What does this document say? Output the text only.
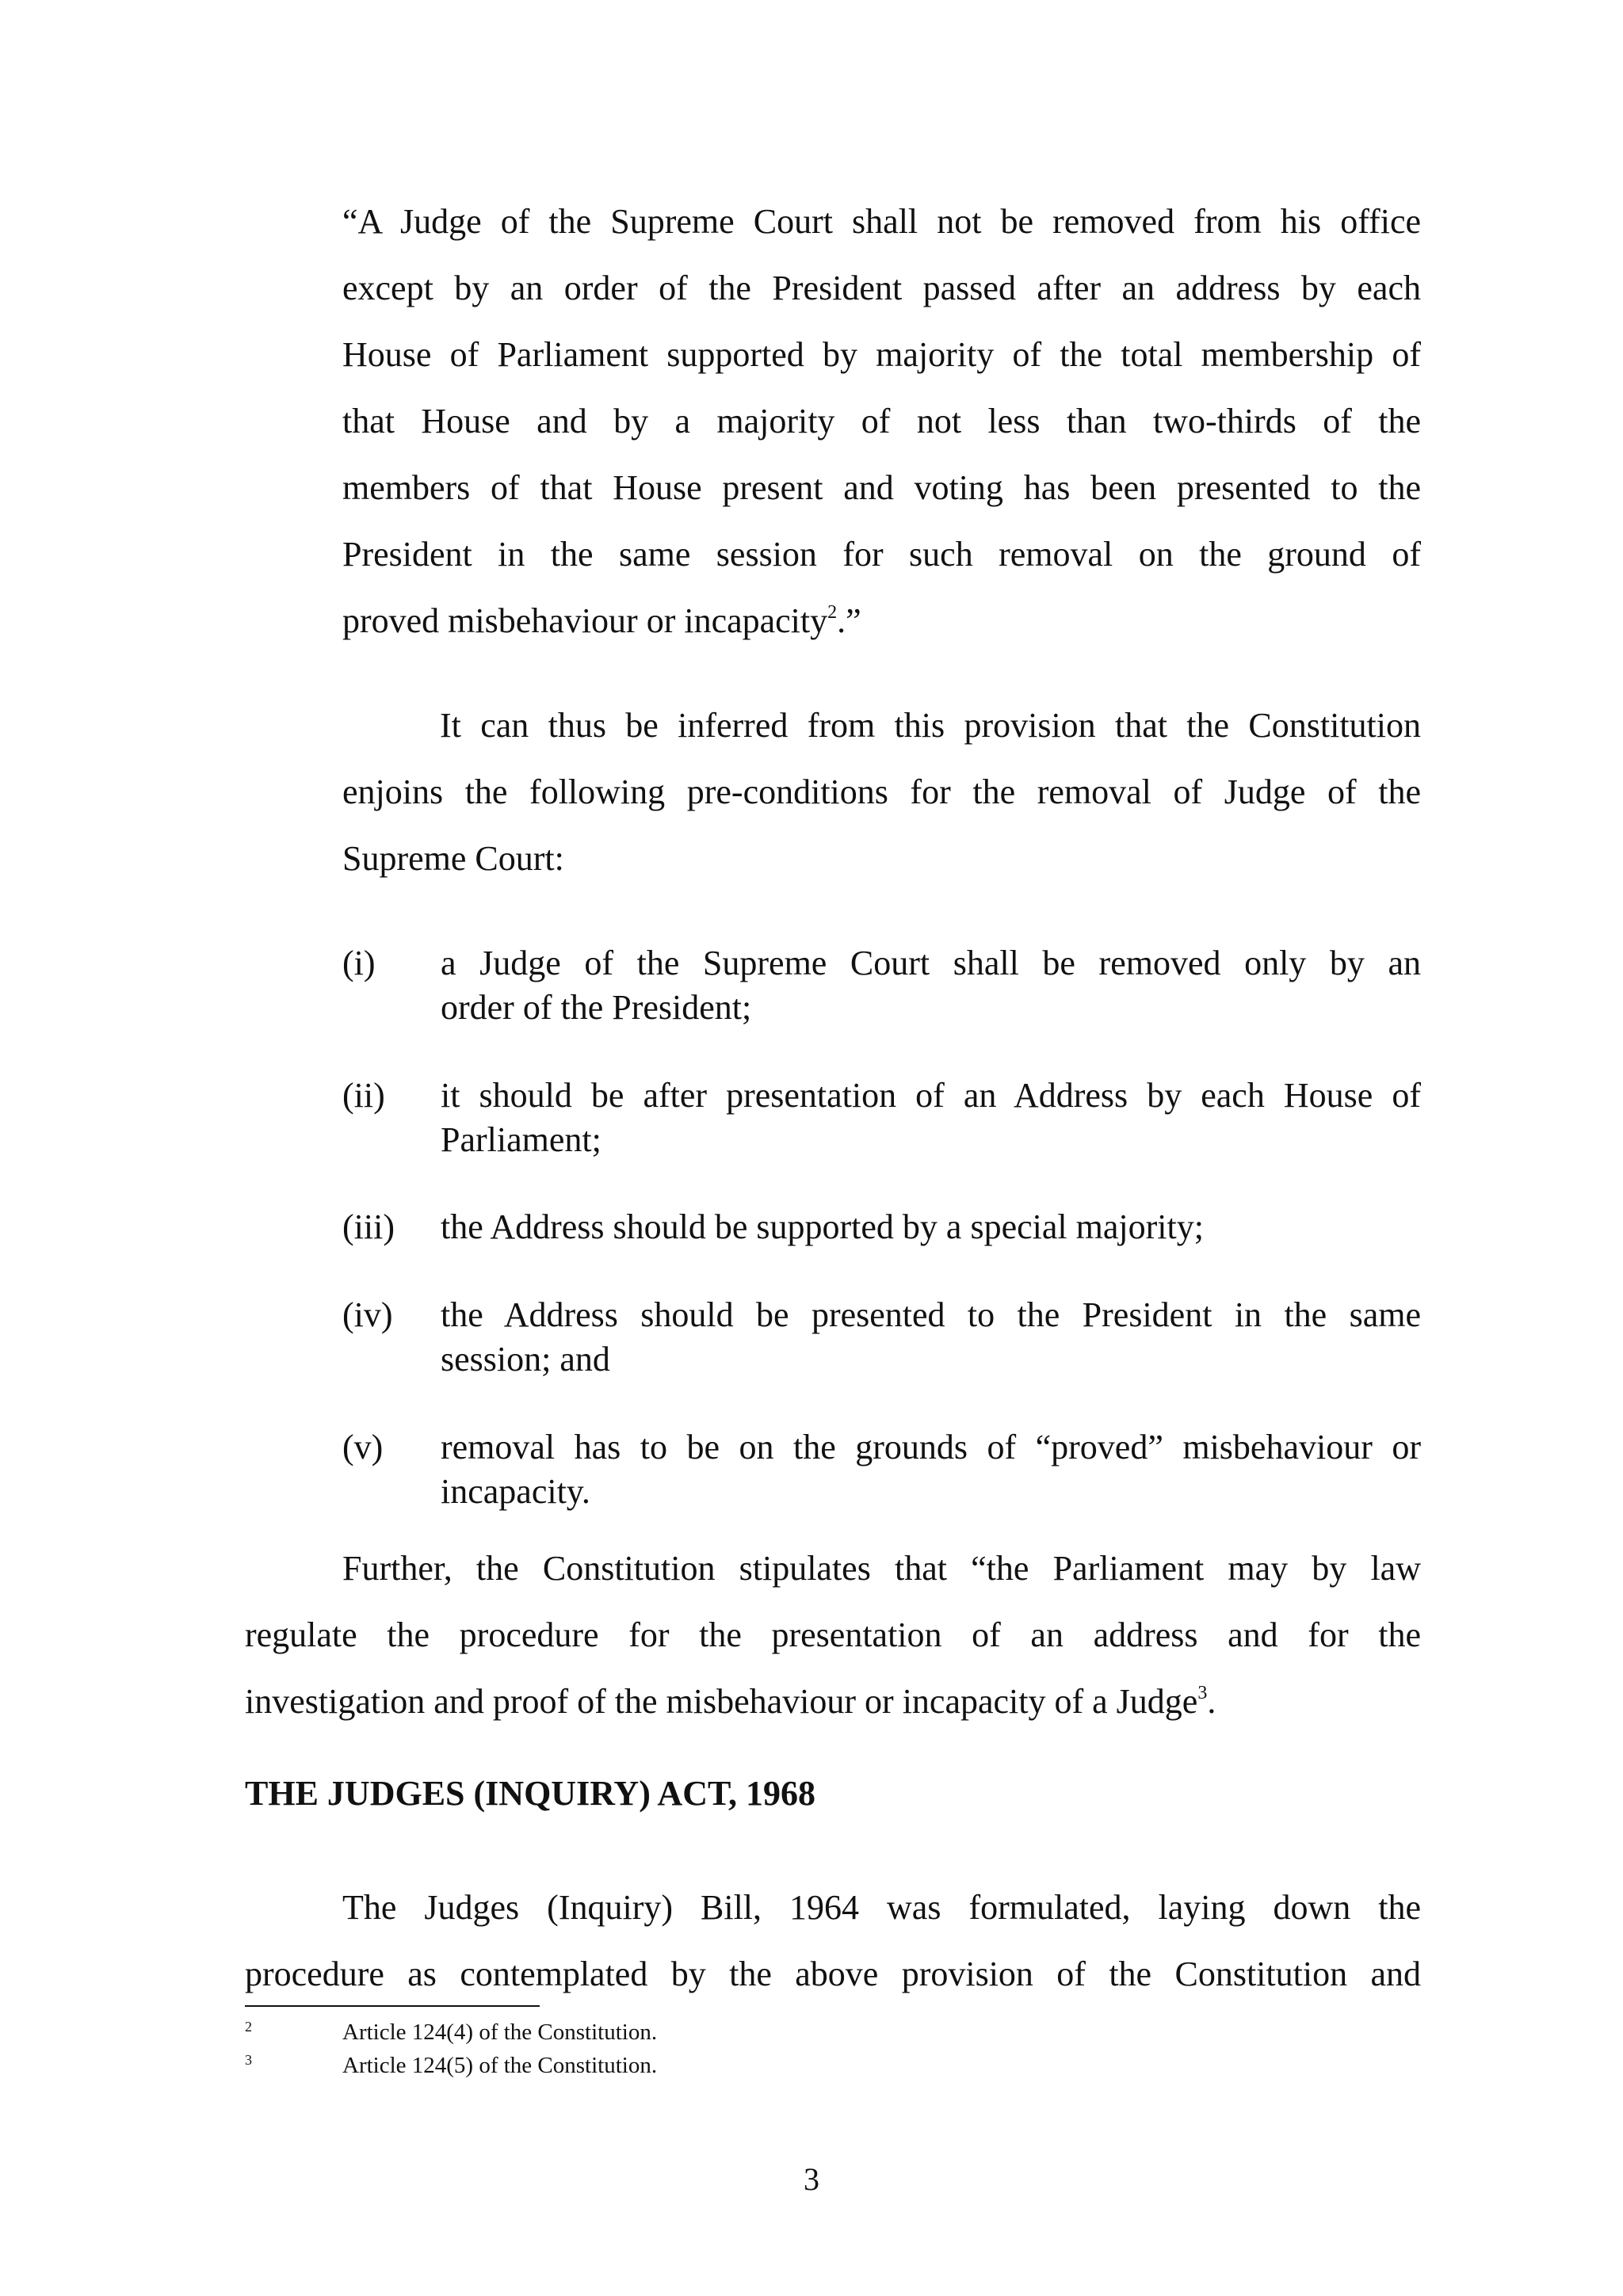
“A Judge of the Supreme Court shall not be removed from his office
except by an order of the President passed after an address by each
House of Parliament supported by majority of the total membership of
that House and by a majority of not less than two-thirds of the
members of that House present and voting has been presented to the
President in the same session for such removal on the ground of
proved misbehaviour or incapacity$^2$.”
It can thus be inferred from this provision that the Constitution
enjoins the following pre-conditions for the removal of Judge of the
Supreme Court:
(i)	a Judge of the Supreme Court shall be removed only by an
order of the President;
(ii)	it should be after presentation of an Address by each House of
Parliament;
(iii)	the Address should be supported by a special majority;
(iv)	the Address should be presented to the President in the same
session; and
(v)	removal has to be on the grounds of “proved” misbehaviour or
incapacity.
Further, the Constitution stipulates that “the Parliament may by law
regulate the procedure for the presentation of an address and for the
investigation and proof of the misbehaviour or incapacity of a Judge$^3$.
THE JUDGES (INQUIRY) ACT, 1968
The Judges (Inquiry) Bill, 1964 was formulated, laying down the
procedure as contemplated by the above provision of the Constitution and
2	Article 124(4) of the Constitution.
3	Article 124(5) of the Constitution.
3
